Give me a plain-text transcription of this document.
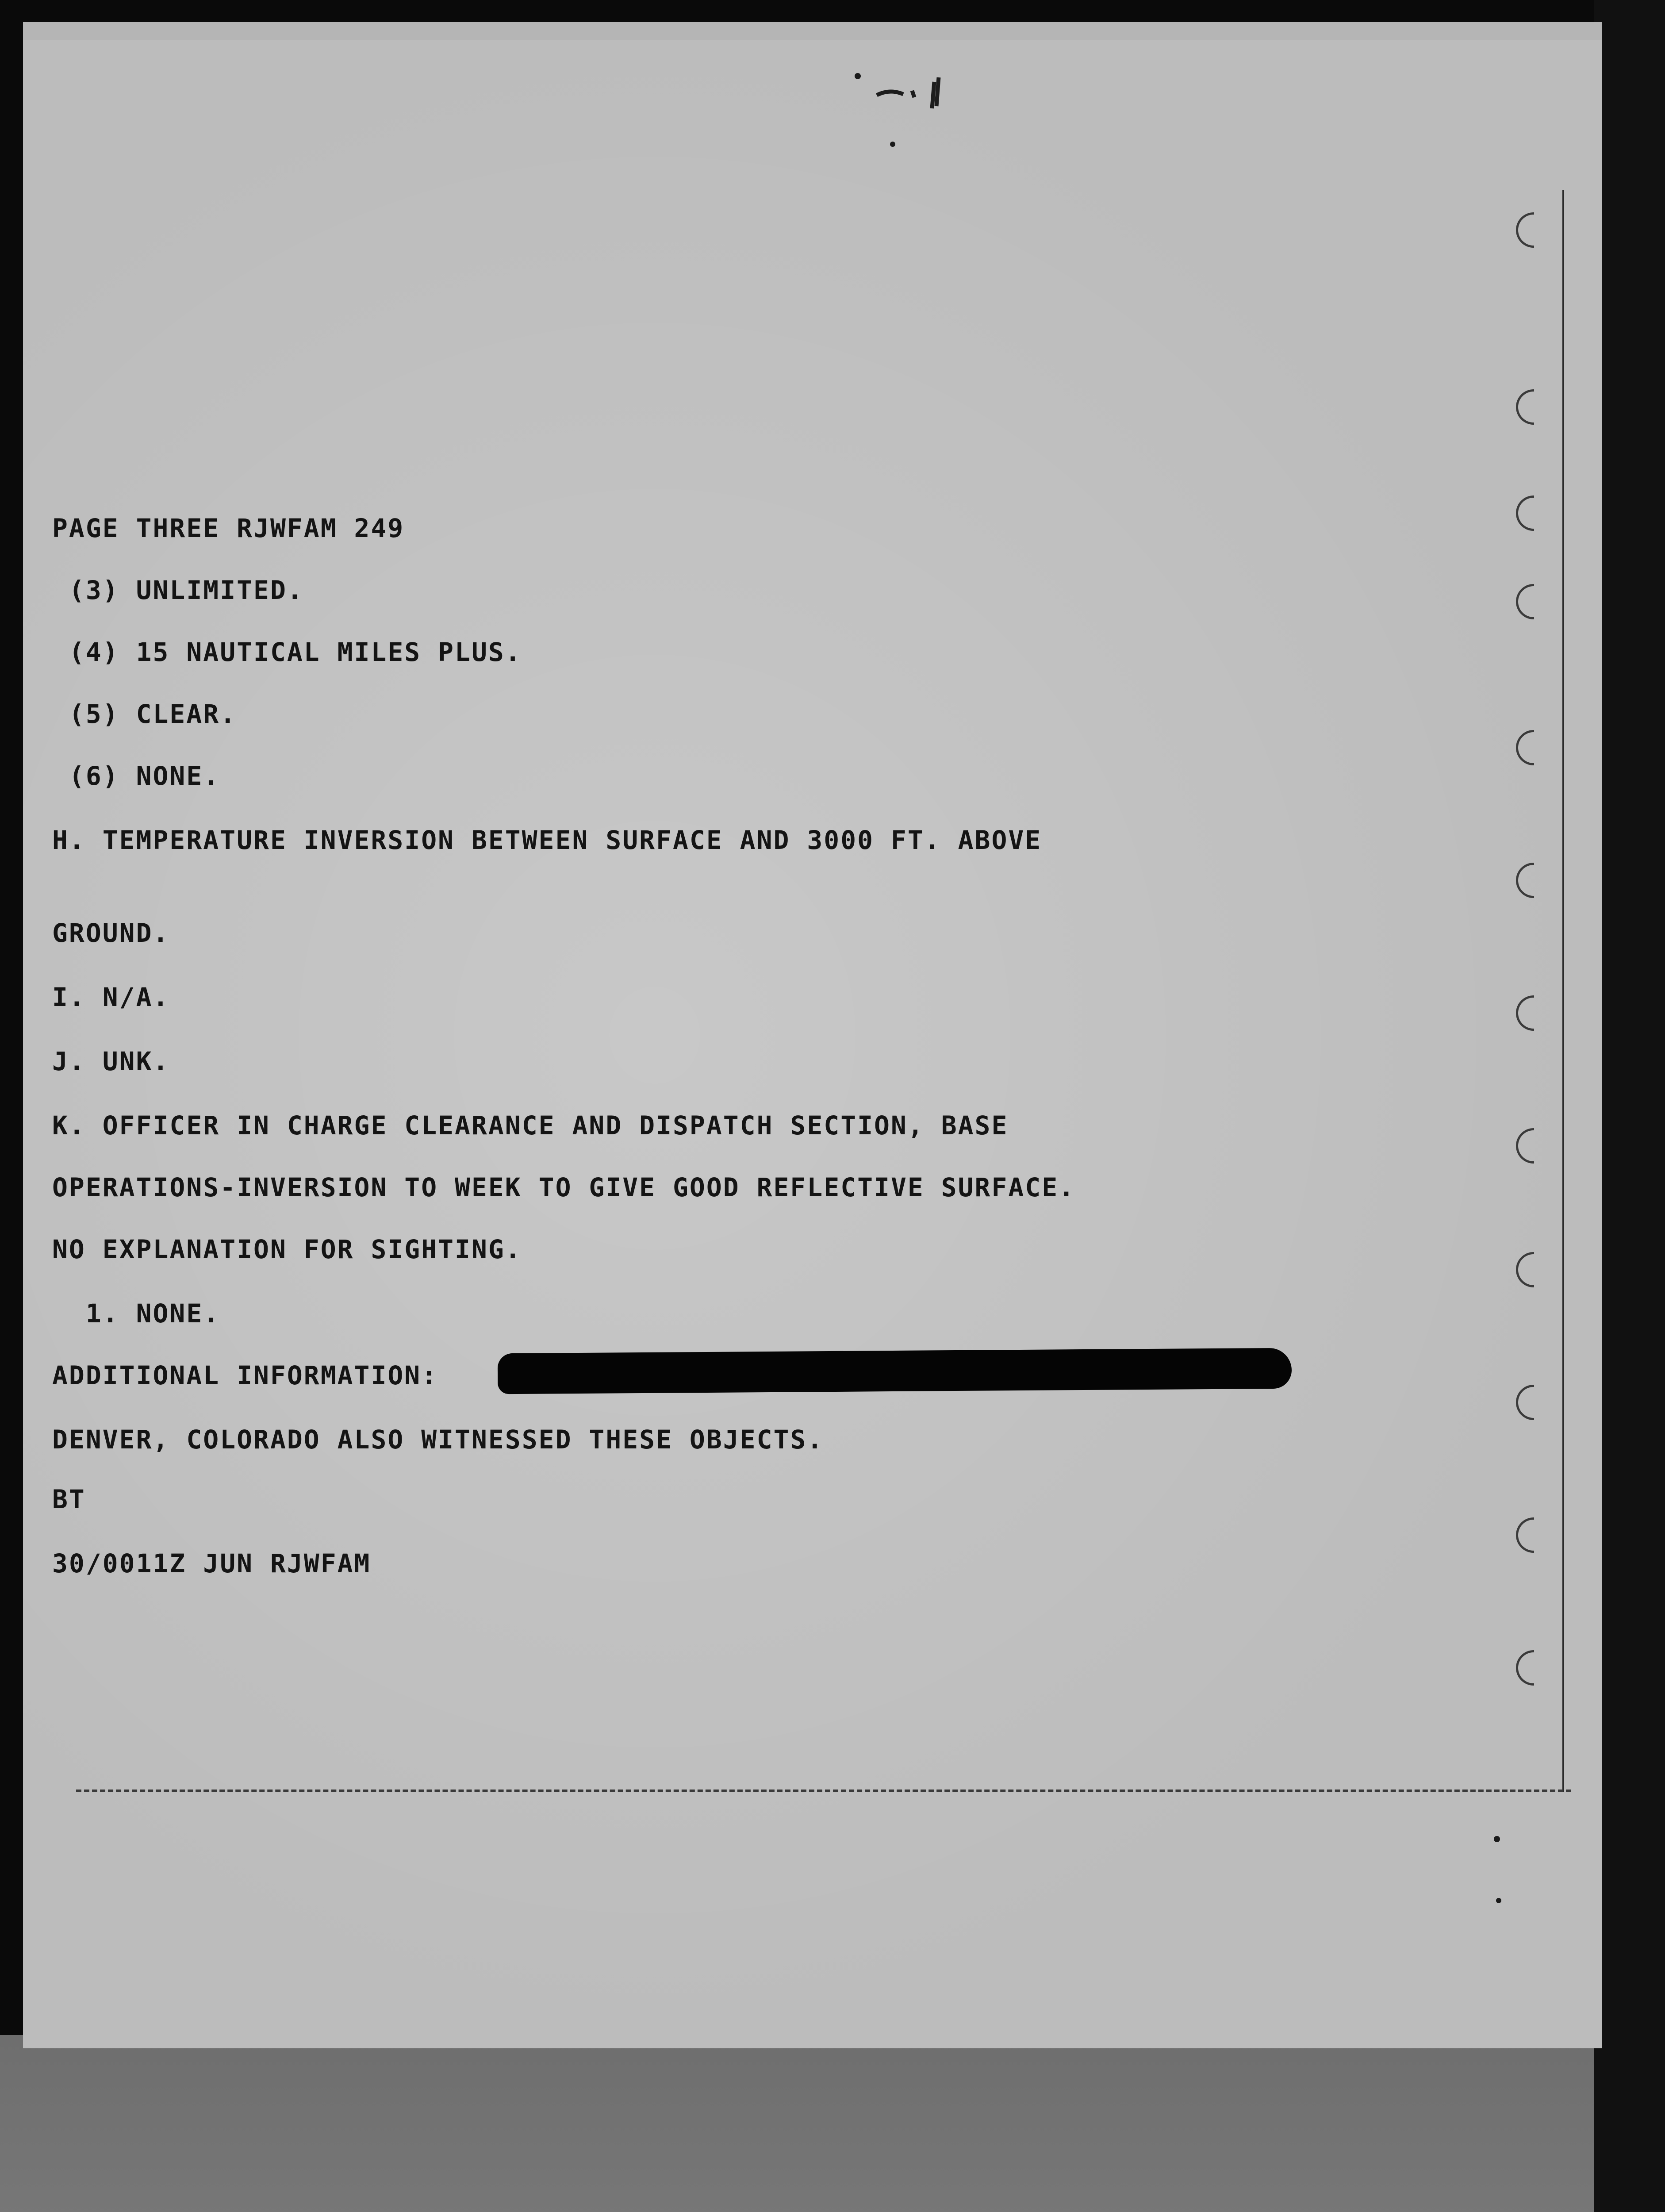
PAGE THREE RJWFAM 249
(3) UNLIMITED.
(4) 15 NAUTICAL MILES PLUS.
(5) CLEAR.
(6) NONE.
H. TEMPERATURE INVERSION BETWEEN SURFACE AND 3000 FT. ABOVE
GROUND.
I. N/A.
J. UNK.
K. OFFICER IN CHARGE CLEARANCE AND DISPATCH SECTION, BASE
OPERATIONS-INVERSION TO WEEK TO GIVE GOOD REFLECTIVE SURFACE.
NO EXPLANATION FOR SIGHTING.
1. NONE.
ADDITIONAL INFORMATION:
DENVER, COLORADO ALSO WITNESSED THESE OBJECTS.
BT
30/0011Z JUN RJWFAM
